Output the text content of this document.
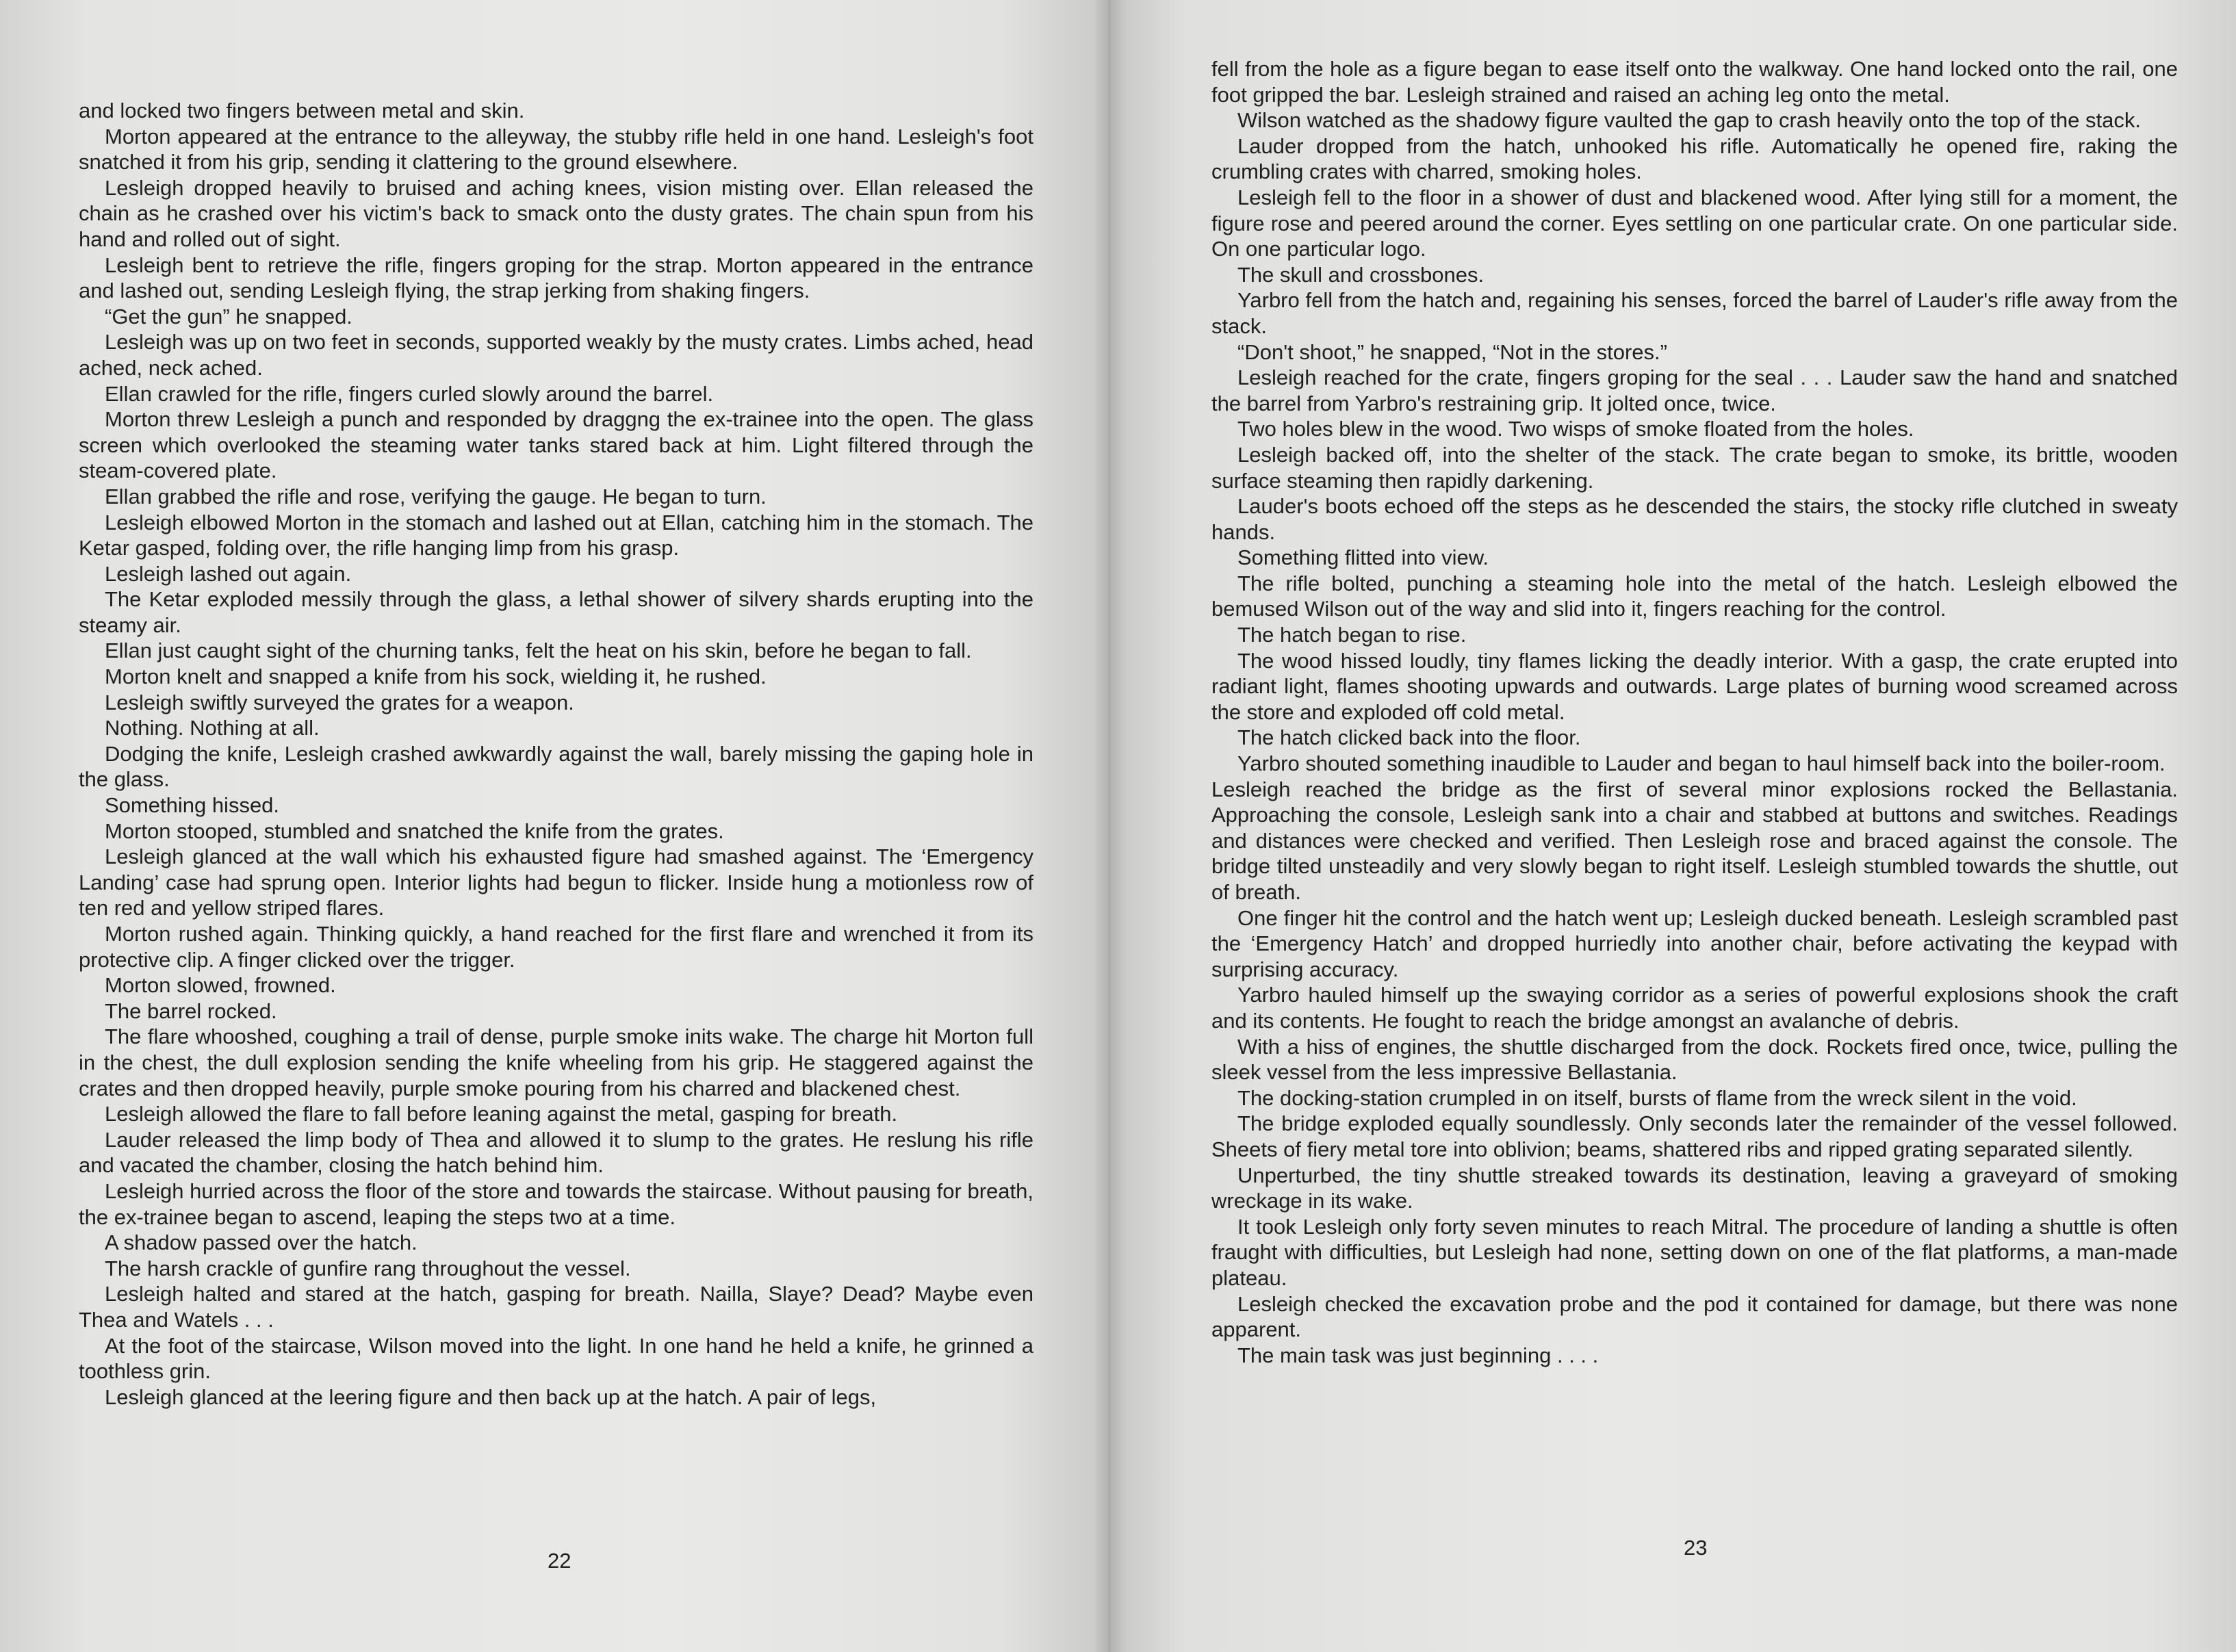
and locked two fingers between metal and skin.

Morton appeared at the entrance to the alleyway, the stubby rifle held in one hand. Lesleigh's foot snatched it from his grip, sending it clattering to the ground elsewhere.

Lesleigh dropped heavily to bruised and aching knees, vision misting over. Ellan released the chain as he crashed over his victim's back to smack onto the dusty grates. The chain spun from his hand and rolled out of sight.

Lesleigh bent to retrieve the rifle, fingers groping for the strap. Morton appeared in the entrance and lashed out, sending Lesleigh flying, the strap jerking from shaking fingers.

“Get the gun” he snapped.

Lesleigh was up on two feet in seconds, supported weakly by the musty crates. Limbs ached, head ached, neck ached.

Ellan crawled for the rifle, fingers curled slowly around the barrel.

Morton threw Lesleigh a punch and responded by draggng the ex-trainee into the open. The glass screen which overlooked the steaming water tanks stared back at him. Light filtered through the steam-covered plate.

Ellan grabbed the rifle and rose, verifying the gauge. He began to turn.

Lesleigh elbowed Morton in the stomach and lashed out at Ellan, catching him in the stomach. The Ketar gasped, folding over, the rifle hanging limp from his grasp.

Lesleigh lashed out again.

The Ketar exploded messily through the glass, a lethal shower of silvery shards erupting into the steamy air.

Ellan just caught sight of the churning tanks, felt the heat on his skin, before he began to fall.

Morton knelt and snapped a knife from his sock, wielding it, he rushed.

Lesleigh swiftly surveyed the grates for a weapon.

Nothing. Nothing at all.

Dodging the knife, Lesleigh crashed awkwardly against the wall, barely missing the gaping hole in the glass.

Something hissed.

Morton stooped, stumbled and snatched the knife from the grates.

Lesleigh glanced at the wall which his exhausted figure had smashed against. The ‘Emergency Landing’ case had sprung open. Interior lights had begun to flicker. Inside hung a motionless row of ten red and yellow striped flares.

Morton rushed again. Thinking quickly, a hand reached for the first flare and wrenched it from its protective clip. A finger clicked over the trigger.

Morton slowed, frowned.

The barrel rocked.

The flare whooshed, coughing a trail of dense, purple smoke inits wake. The charge hit Morton full in the chest, the dull explosion sending the knife wheeling from his grip. He staggered against the crates and then dropped heavily, purple smoke pouring from his charred and blackened chest.

Lesleigh allowed the flare to fall before leaning against the metal, gasping for breath.

Lauder released the limp body of Thea and allowed it to slump to the grates. He reslung his rifle and vacated the chamber, closing the hatch behind him.

Lesleigh hurried across the floor of the store and towards the staircase. Without pausing for breath, the ex-trainee began to ascend, leaping the steps two at a time.

A shadow passed over the hatch.

The harsh crackle of gunfire rang throughout the vessel.

Lesleigh halted and stared at the hatch, gasping for breath. Nailla, Slaye? Dead? Maybe even Thea and Watels . . .

At the foot of the staircase, Wilson moved into the light. In one hand he held a knife, he grinned a toothless grin.

Lesleigh glanced at the leering figure and then back up at the hatch. A pair of legs,

22

fell from the hole as a figure began to ease itself onto the walkway. One hand locked onto the rail, one foot gripped the bar. Lesleigh strained and raised an aching leg onto the metal.

Wilson watched as the shadowy figure vaulted the gap to crash heavily onto the top of the stack.

Lauder dropped from the hatch, unhooked his rifle. Automatically he opened fire, raking the crumbling crates with charred, smoking holes.

Lesleigh fell to the floor in a shower of dust and blackened wood. After lying still for a moment, the figure rose and peered around the corner. Eyes settling on one particular crate. On one particular side. On one particular logo.

The skull and crossbones.

Yarbro fell from the hatch and, regaining his senses, forced the barrel of Lauder's rifle away from the stack.

“Don't shoot,” he snapped, “Not in the stores.”

Lesleigh reached for the crate, fingers groping for the seal . . . Lauder saw the hand and snatched the barrel from Yarbro's restraining grip. It jolted once, twice.

Two holes blew in the wood. Two wisps of smoke floated from the holes.

Lesleigh backed off, into the shelter of the stack. The crate began to smoke, its brittle, wooden surface steaming then rapidly darkening.

Lauder's boots echoed off the steps as he descended the stairs, the stocky rifle clutched in sweaty hands.

Something flitted into view.

The rifle bolted, punching a steaming hole into the metal of the hatch. Lesleigh elbowed the bemused Wilson out of the way and slid into it, fingers reaching for the control.

The hatch began to rise.

The wood hissed loudly, tiny flames licking the deadly interior. With a gasp, the crate erupted into radiant light, flames shooting upwards and outwards. Large plates of burning wood screamed across the store and exploded off cold metal.

The hatch clicked back into the floor.

Yarbro shouted something inaudible to Lauder and began to haul himself back into the boiler-room.

Lesleigh reached the bridge as the first of several minor explosions rocked the Bellastania. Approaching the console, Lesleigh sank into a chair and stabbed at buttons and switches. Readings and distances were checked and verified. Then Lesleigh rose and braced against the console. The bridge tilted unsteadily and very slowly began to right itself. Lesleigh stumbled towards the shuttle, out of breath.

One finger hit the control and the hatch went up; Lesleigh ducked beneath. Lesleigh scrambled past the ‘Emergency Hatch’ and dropped hurriedly into another chair, before activating the keypad with surprising accuracy.

Yarbro hauled himself up the swaying corridor as a series of powerful explosions shook the craft and its contents. He fought to reach the bridge amongst an avalanche of debris.

With a hiss of engines, the shuttle discharged from the dock. Rockets fired once, twice, pulling the sleek vessel from the less impressive Bellastania.

The docking-station crumpled in on itself, bursts of flame from the wreck silent in the void.

The bridge exploded equally soundlessly. Only seconds later the remainder of the vessel followed. Sheets of fiery metal tore into oblivion; beams, shattered ribs and ripped grating separated silently.

Unperturbed, the tiny shuttle streaked towards its destination, leaving a graveyard of smoking wreckage in its wake.

It took Lesleigh only forty seven minutes to reach Mitral. The procedure of landing a shuttle is often fraught with difficulties, but Lesleigh had none, setting down on one of the flat platforms, a man-made plateau.

Lesleigh checked the excavation probe and the pod it contained for damage, but there was none apparent.

The main task was just beginning . . . .

23
